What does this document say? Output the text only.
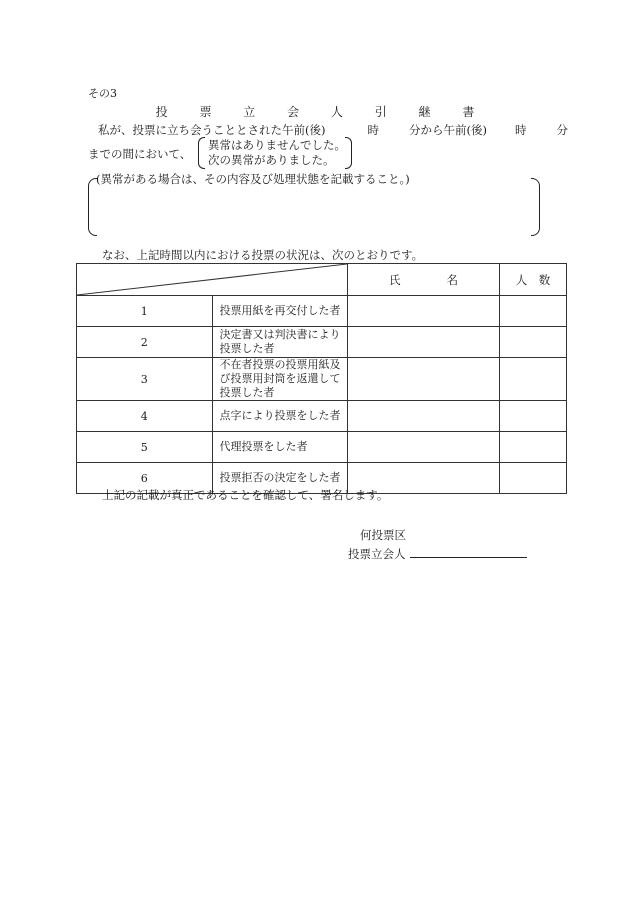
その3
投 票 立 会 人 引 継 書
私が、投票に立ち会うこととされた午前(後)	時	分から午前(後) 時	分
までの間において、
異常はありませんでした。
次の異常がありました。
(異常がある場合は、その内容及び処理状態を記載すること。)
なお、上記時間以内における投票の状況は、次のとおりです。
	氏　　　　名	人　数
1	投票用紙を再交付した者		
2	決定書又は判決書により投票した者		
3	不在者投票の投票用紙及び投票用封筒を返還して投票した者		
4	点字により投票をした者		
5	代理投票をした者		
6	投票拒否の決定をした者		
上記の記載が真正であることを確認して、署名します。
何投票区
投票立会人
